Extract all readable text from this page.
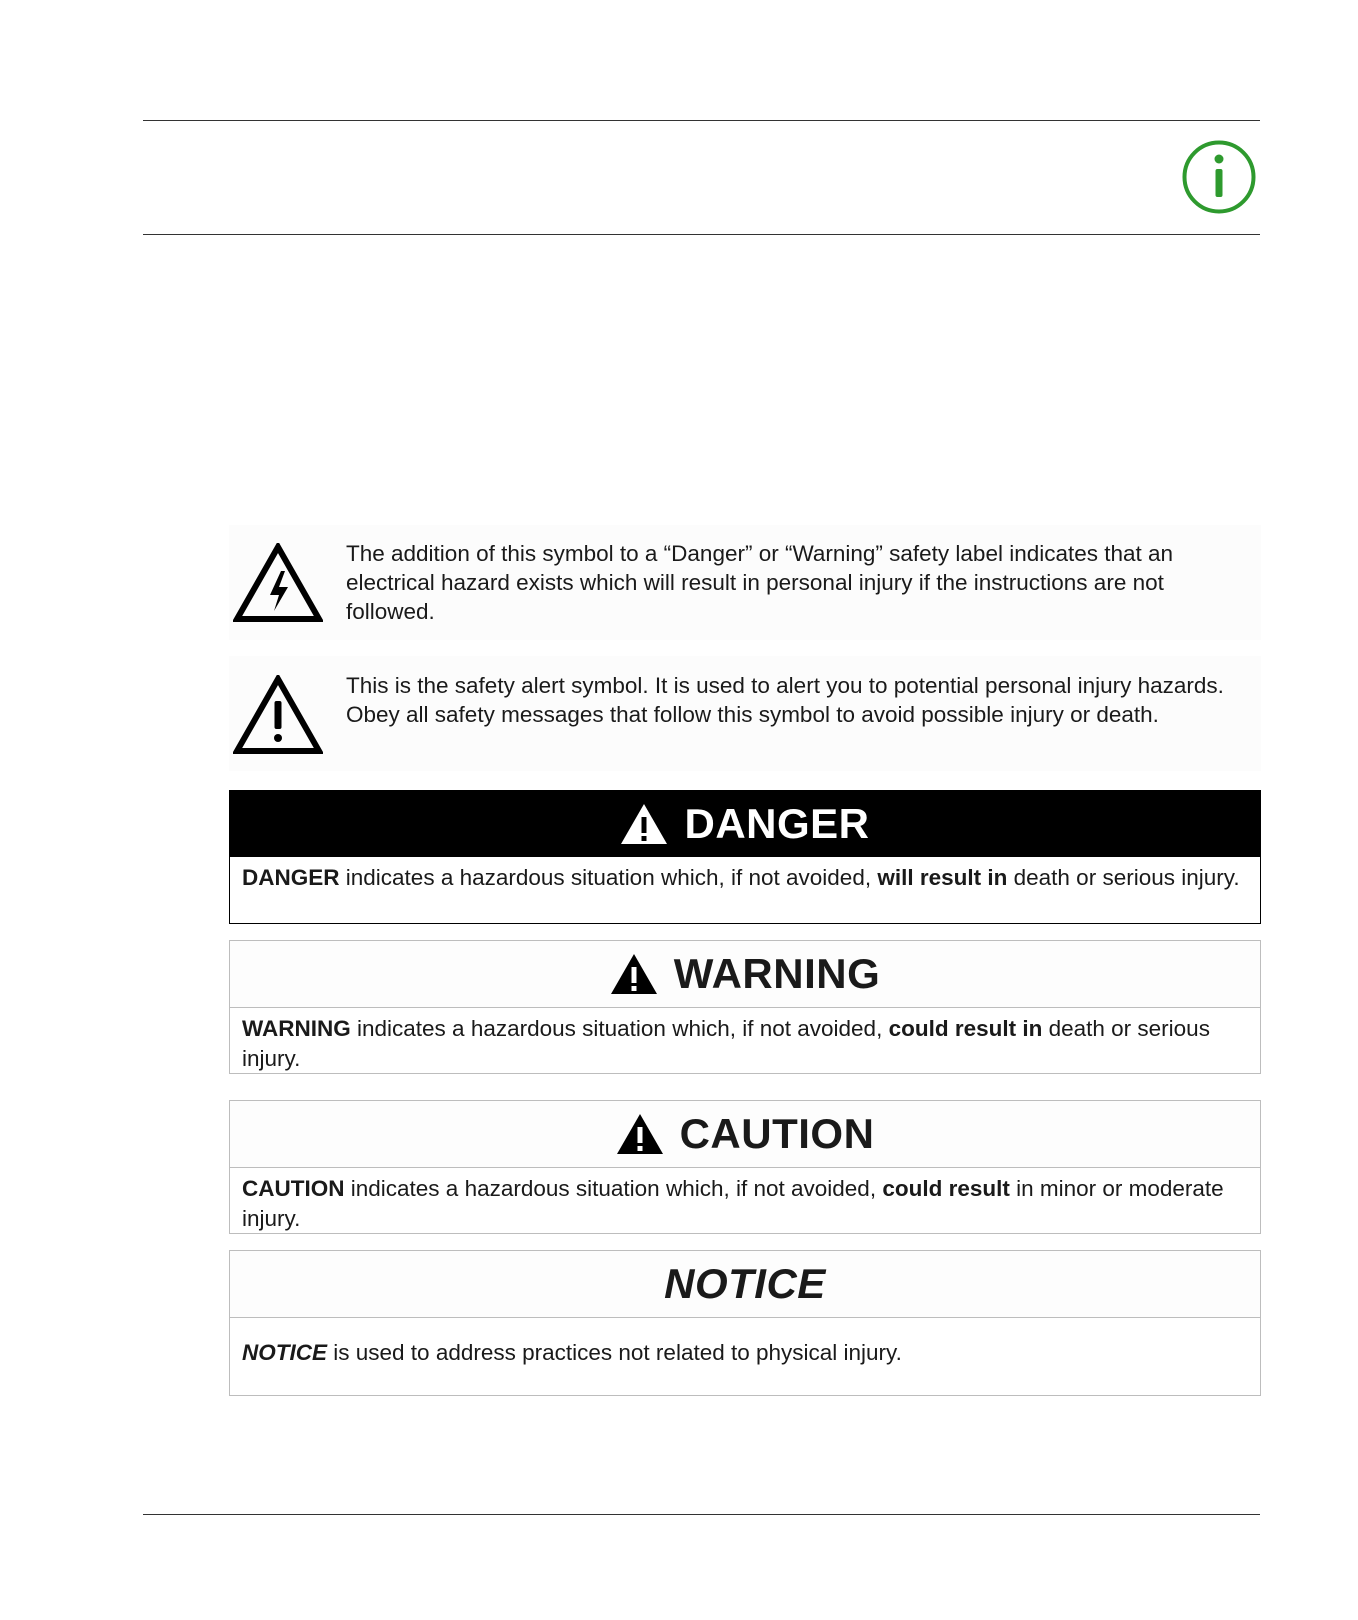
The addition of this symbol to a “Danger” or “Warning” safety label indicates that an electrical hazard exists which will result in personal injury if the instructions are not followed.
This is the safety alert symbol. It is used to alert you to potential personal injury hazards. Obey all safety messages that follow this symbol to avoid possible injury or death.
DANGER
DANGER indicates a hazardous situation which, if not avoided, will result in death or serious injury.
WARNING
WARNING indicates a hazardous situation which, if not avoided, could result in death or serious injury.
CAUTION
CAUTION indicates a hazardous situation which, if not avoided, could result in minor or moderate injury.
NOTICE
NOTICE is used to address practices not related to physical injury.
